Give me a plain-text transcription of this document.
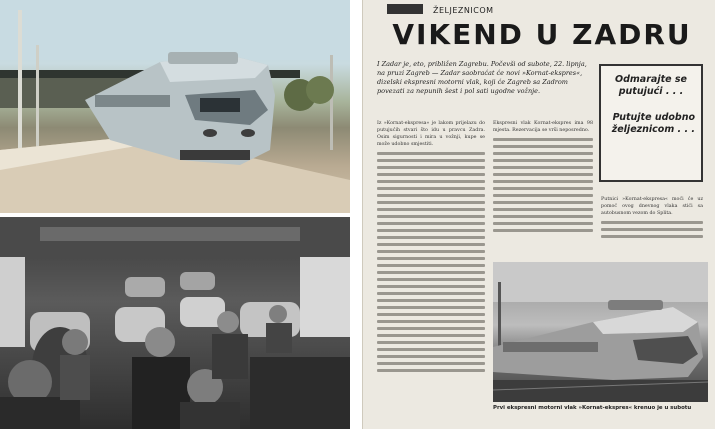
ŽELJEZNICOM
VIKEND U ZADRU
I Zadar je, eto, približen Zagrebu. Počevši od subote, 22. lipnja, na pruzi Zagreb — Zadar saobraćat će novi »Kornat-ekspres«, dizelski ekspresni motorni vlak, koji će Zagreb sa Zadrom povezati za nepunih šest i pol sati ugodne vožnje.
Odmarajte se putujući . . .
Putujte udobno željeznicom . . .
Iz »Kornat-ekspresa« je lakom prijelazu do putujućih stvari što idu u pravcu Zadra. Osim sigurnosti i mira u vožnji, kupe se može udobno smjestiti.
Ekspresni vlak Kornat-ekspres ima 98 mjesta. Rezervacija se vrši neposredno.
Putnici »Kornat-ekspresa« moći će uz pomoć ovog dnevnog vlaka stići sa autobusnom vezom do Splita.
Prvi ekspresni motorni vlak »Kornat-ekspres« krenuo je u subotu
